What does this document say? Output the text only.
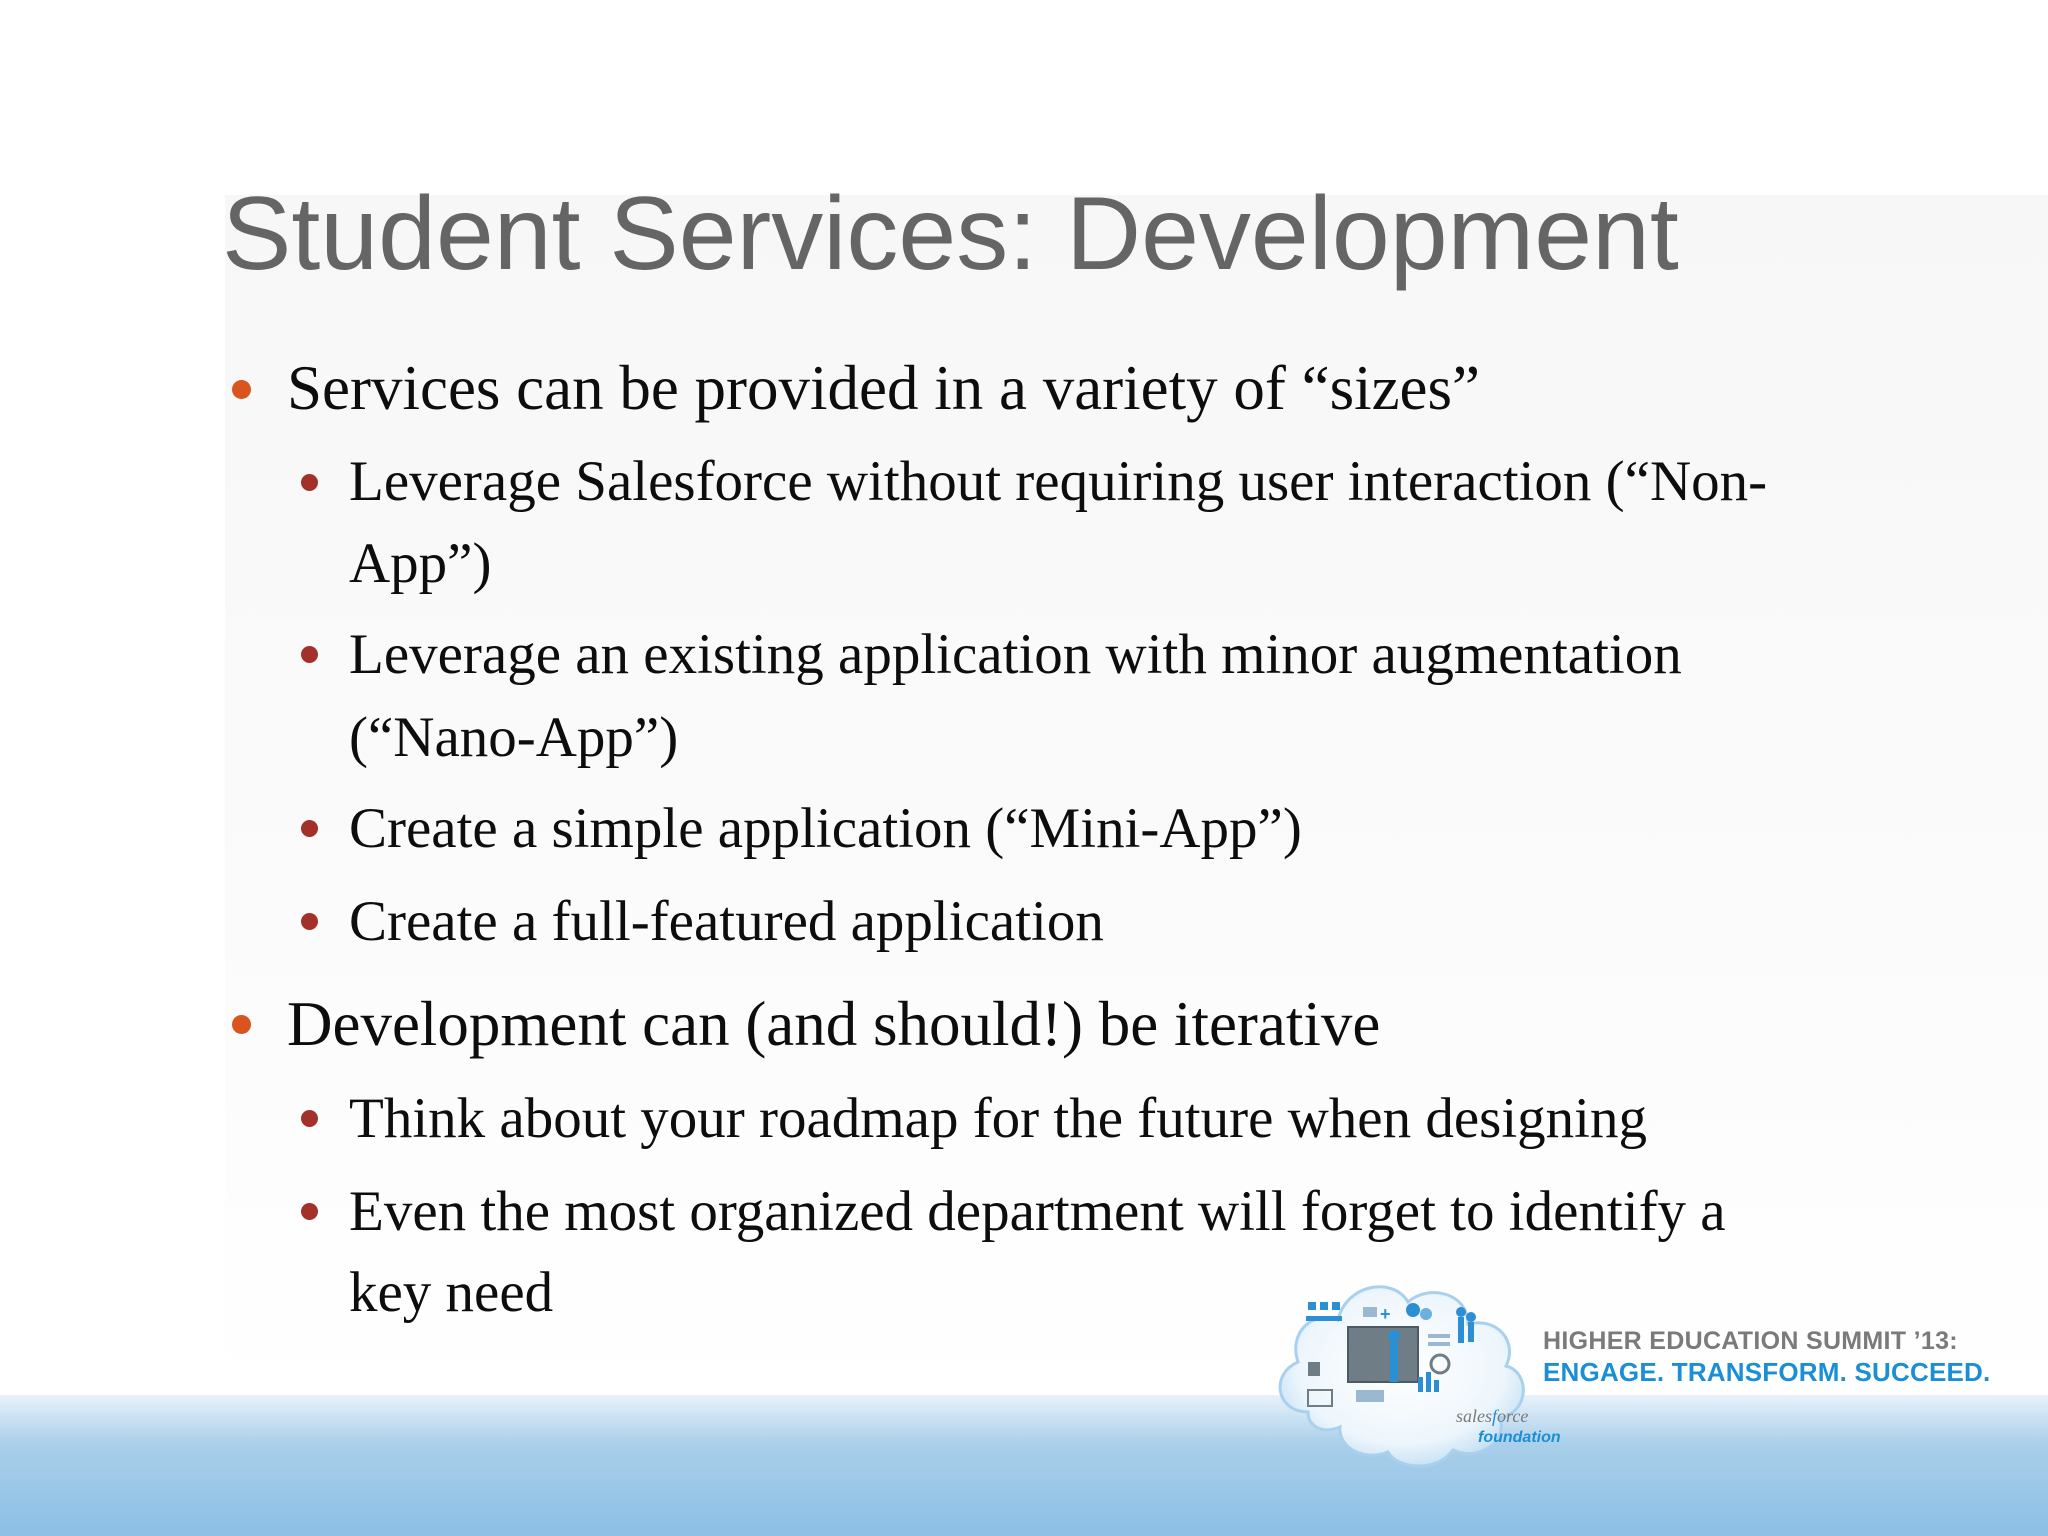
Student Services: Development
Services can be provided in a variety of “sizes”
Leverage Salesforce without requiring user interaction (“Non-
App”)
Leverage an existing application with minor augmentation
(“Nano-App”)
Create a simple application (“Mini-App”)
Create a full-featured application
Development can (and should!) be iterative
Think about your roadmap for the future when designing
Even the most organized department will forget to identify a
key need	+
salesforce
foundation
HIGHER EDUCATION SUMMIT ’13:
ENGAGE. TRANSFORM. SUCCEED.
